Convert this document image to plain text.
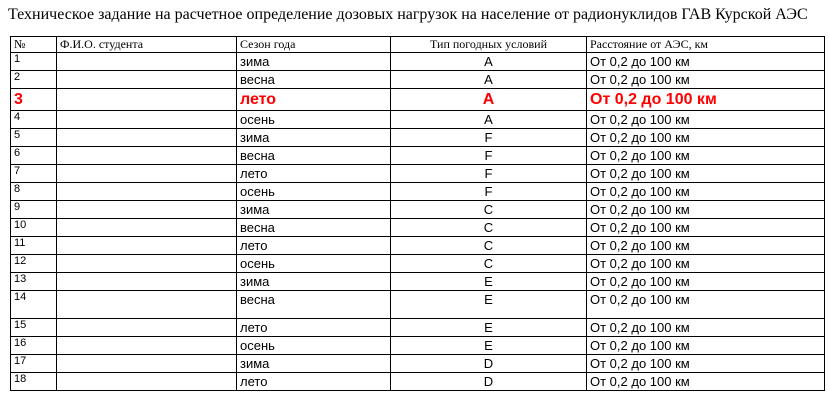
Техническое задание на расчетное определение дозовых нагрузок на население от радионуклидов ГАВ Курской АЭС
№	Ф.И.О. студента	Сезон года	Тип погодных условий	Расстояние от АЭС, км
1		зима	A	От 0,2 до 100 км
2		весна	A	От 0,2 до 100 км
3		лето	A	От 0,2 до 100 км
4		осень	A	От 0,2 до 100 км
5		зима	F	От 0,2 до 100 км
6		весна	F	От 0,2 до 100 км
7		лето	F	От 0,2 до 100 км
8		осень	F	От 0,2 до 100 км
9		зима	C	От 0,2 до 100 км
10		весна	C	От 0,2 до 100 км
11		лето	C	От 0,2 до 100 км
12		осень	C	От 0,2 до 100 км
13		зима	E	От 0,2 до 100 км
14		весна	E	От 0,2 до 100 км
15		лето	E	От 0,2 до 100 км
16		осень	E	От 0,2 до 100 км
17		зима	D	От 0,2 до 100 км
18		лето	D	От 0,2 до 100 км
